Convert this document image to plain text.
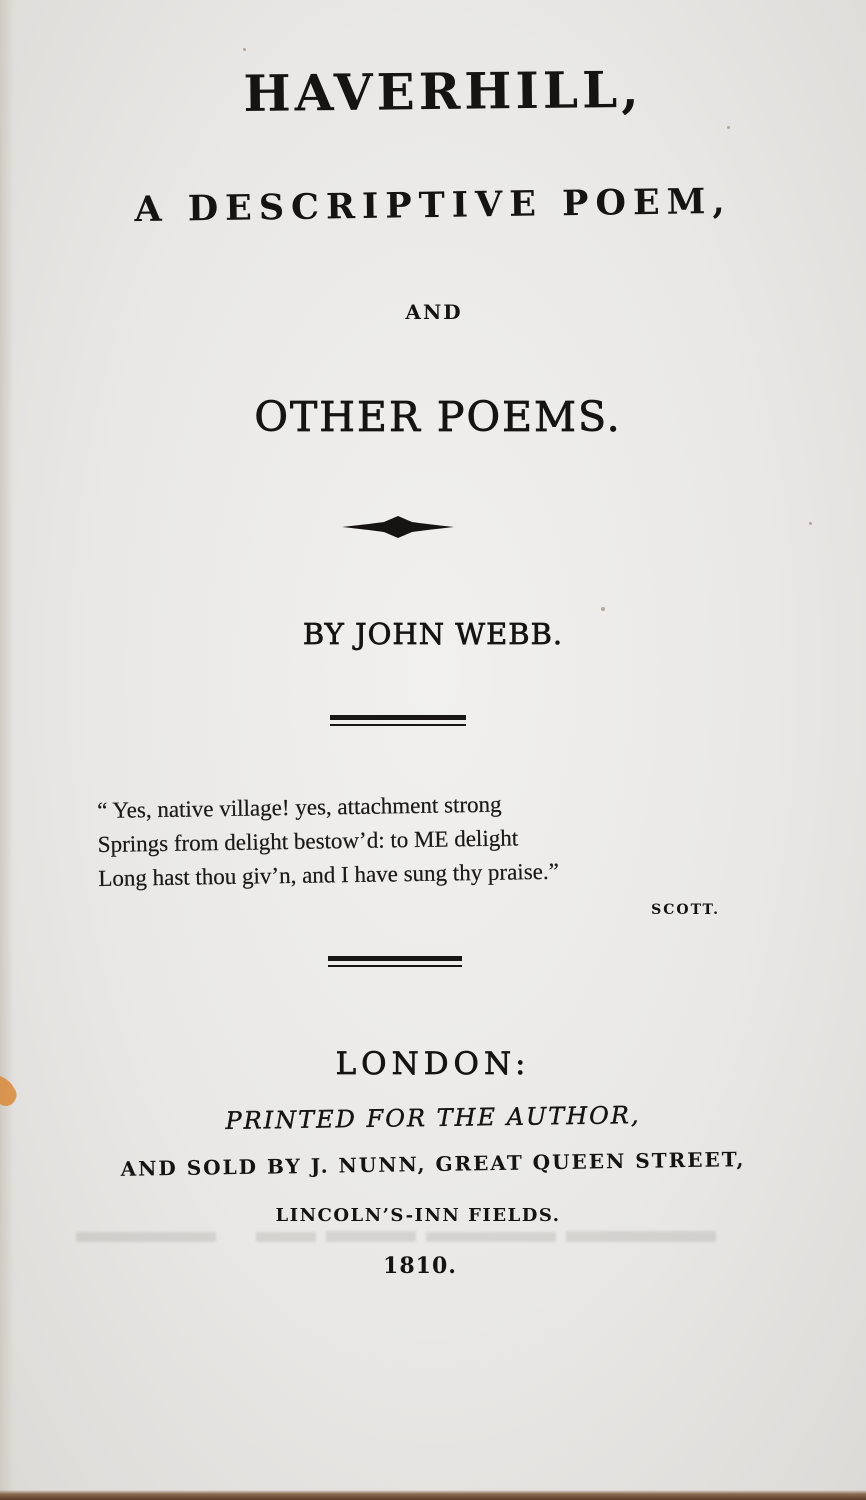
HAVERHILL,
A DESCRIPTIVE POEM,
AND
OTHER POEMS.
BY JOHN WEBB.
“ Yes, native village! yes, attachment strong
Springs from delight bestow’d: to ME delight
Long hast thou giv’n, and I have sung thy praise.”
SCOTT.
LONDON:
PRINTED FOR THE AUTHOR,
AND SOLD BY J. NUNN, GREAT QUEEN STREET,
LINCOLN’S-INN FIELDS.
1810.
